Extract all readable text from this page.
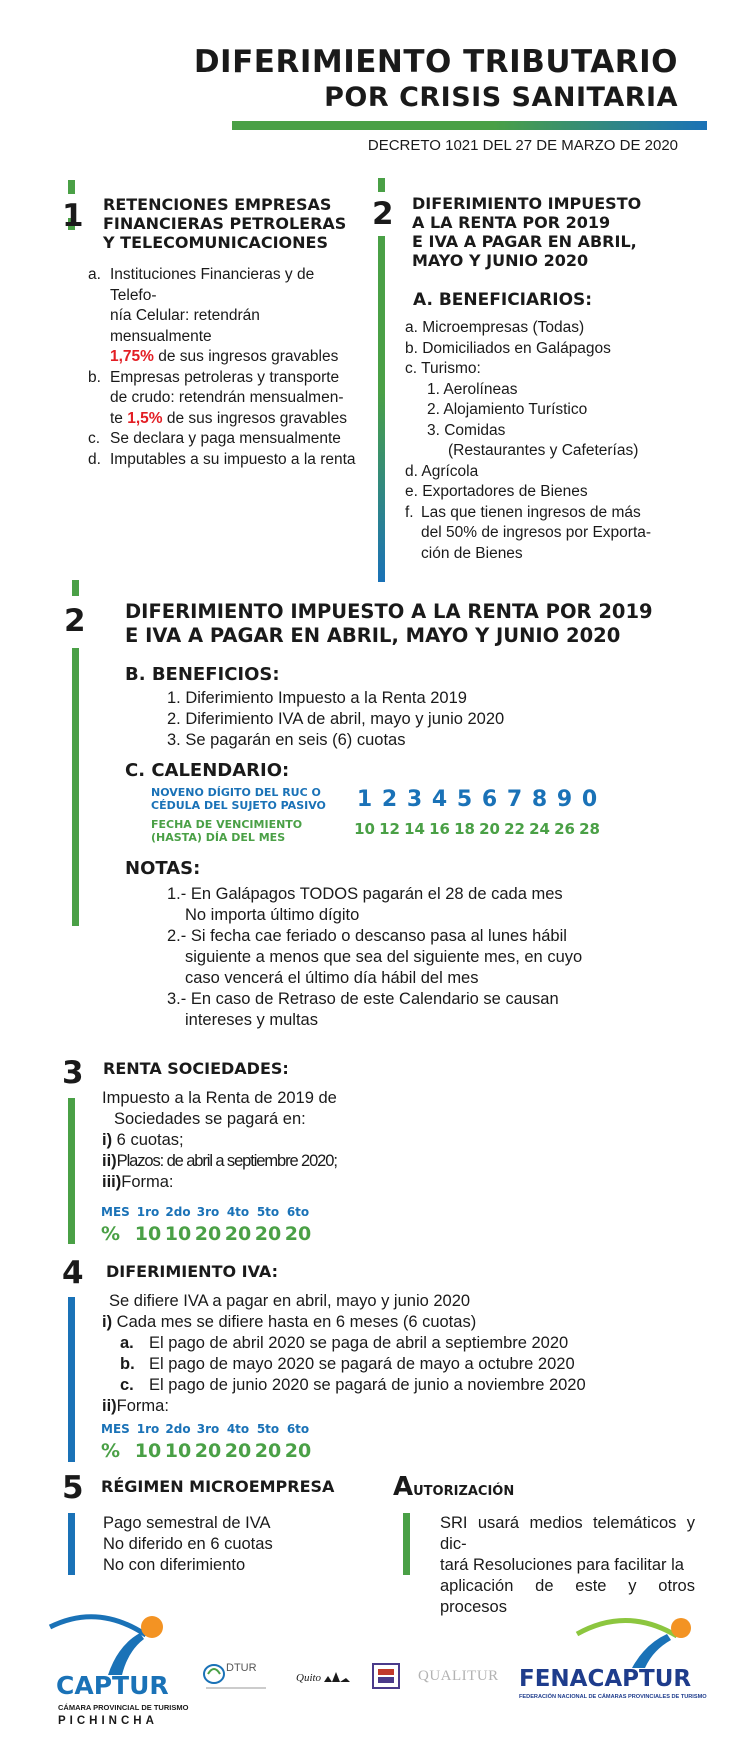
DIFERIMIENTO TRIBUTARIO
POR CRISIS SANITARIA
DECRETO 1021 DEL 27 DE MARZO DE 2020
1 RETENCIONES EMPRESAS
FINANCIERAS PETROLERAS
Y TELECOMUNICACIONES
a. Instituciones Financieras y de Telefo-
nía Celular: retendrán mensualmente
1,75% de sus ingresos gravables
b. Empresas petroleras y transporte
de crudo: retendrán mensualmen-
te 1,5% de sus ingresos gravables
c. Se declara y paga mensualmente
d. Imputables a su impuesto a la renta
2 DIFERIMIENTO IMPUESTO
A LA RENTA POR 2019
E IVA A PAGAR EN ABRIL,
MAYO Y JUNIO 2020
A. BENEFICIARIOS:
a. Microempresas (Todas)
b. Domiciliados en Galápagos
c. Turismo:
1. Aerolíneas
2. Alojamiento Turístico
3. Comidas
(Restaurantes y Cafeterías)
d. Agrícola
e. Exportadores de Bienes
f. Las que tienen ingresos de más
del 50% de ingresos por Exporta-
ción de Bienes
2 DIFERIMIENTO IMPUESTO A LA RENTA POR 2019
E IVA A PAGAR EN ABRIL, MAYO Y JUNIO 2020
B. BENEFICIOS:
1. Diferimiento Impuesto a la Renta 2019
2. Diferimiento IVA de abril, mayo y junio 2020
3. Se pagarán en seis (6) cuotas
C. CALENDARIO:
NOVENO DÍGITO DEL RUC O
CÉDULA DEL SUJETO PASIVO
FECHA DE VENCIMIENTO
(HASTA) DÍA DEL MES
1 2 3 4 5 6 7 8 9 0
10 12 14 16 18 20 22 24 26 28
NOTAS:
1.- En Galápagos TODOS pagarán el 28 de cada mes
No importa último dígito
2.- Si fecha cae feriado o descanso pasa al lunes hábil
siguiente a menos que sea del siguiente mes, en cuyo
caso vencerá el último día hábil del mes
3.- En caso de Retraso de este Calendario se causan
intereses y multas
3 RENTA SOCIEDADES:
Impuesto a la Renta de 2019 de
Sociedades se pagará en:
i) 6 cuotas;
ii)Plazos: de abril a septiembre 2020;
iii)Forma:
MES 1ro 2do 3ro 4to 5to 6to
% 10 10 20 20 20 20
4 DIFERIMIENTO IVA:
Se difiere IVA a pagar en abril, mayo y junio 2020
i) Cada mes se difiere hasta en 6 meses (6 cuotas)
a. El pago de abril 2020 se paga de abril a septiembre 2020
b. El pago de mayo 2020 se pagará de mayo a octubre 2020
c. El pago de junio 2020 se pagará de junio a noviembre 2020
ii)Forma:
MES 1ro 2do 3ro 4to 5to 6to
% 10 10 20 20 20 20
5 RÉGIMEN MICROEMPRESA
Pago semestral de IVA
No diferido en 6 cuotas
No con diferimiento
AUTORIZACIÓN
SRI usará medios telemáticos y dic-
tará Resoluciones para facilitar la
aplicación de este y otros procesos
CAPTUR
CÁMARA PROVINCIAL DE TURISMO
PICHINCHA
DTUR
Quito	QUALITUR FENACAPTUR
FEDERACIÓN NACIONAL DE CÁMARAS PROVINCIALES DE TURISMO
